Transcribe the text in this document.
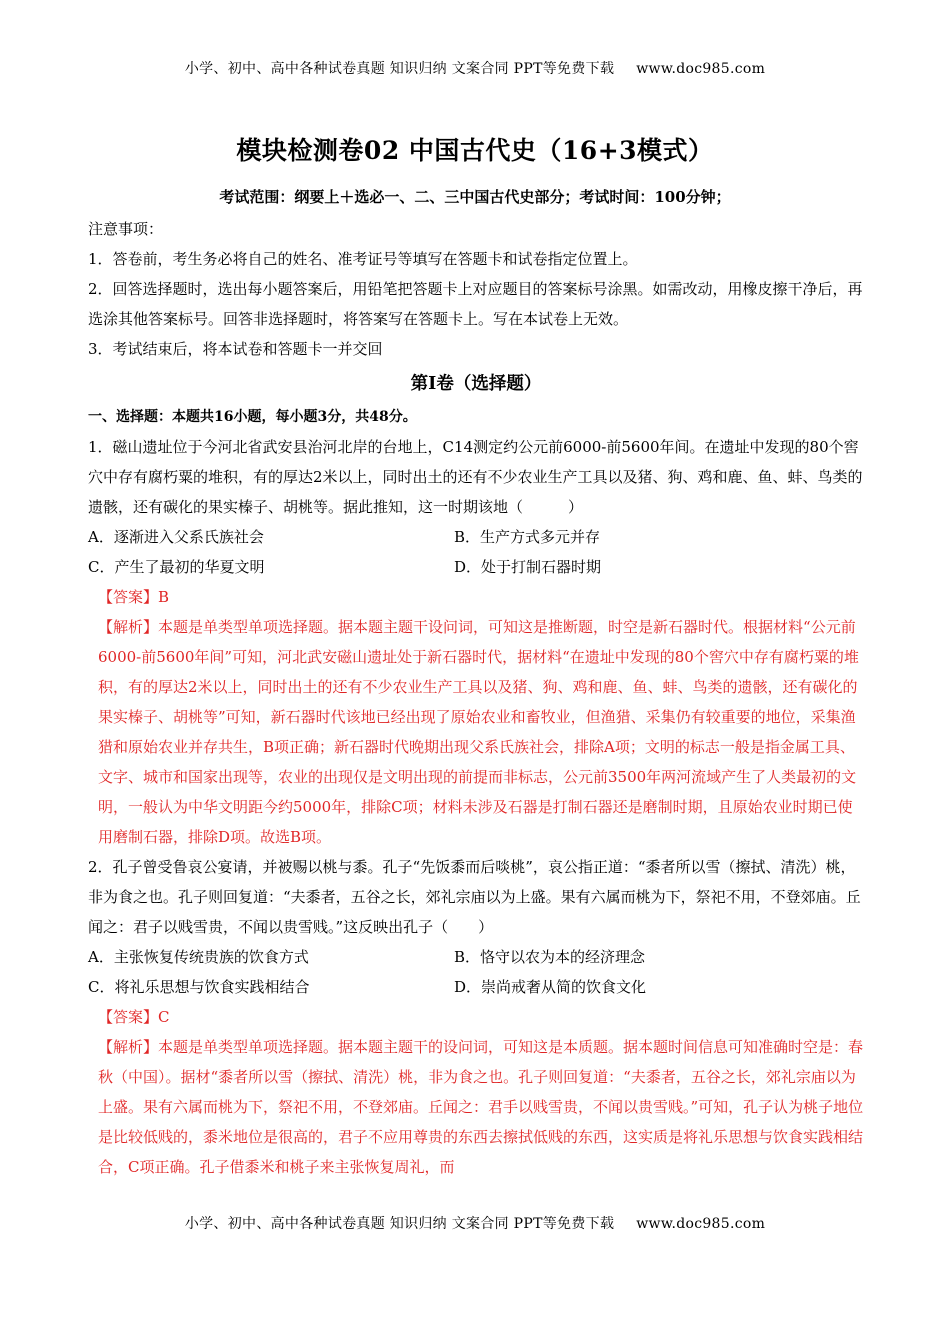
小学、初中、高中各种试卷真题 知识归纳 文案合同 PPT等免费下载 www.doc985.com
模块检测卷02 中国古代史（16+3模式）
考试范围：纲要上＋选必一、二、三中国古代史部分；考试时间：100分钟；

注意事项：

1．答卷前，考生务必将自己的姓名、准考证号等填写在答题卡和试卷指定位置上。

2．回答选择题时，选出每小题答案后，用铅笔把答题卡上对应题目的答案标号涂黑。如需改动，用橡皮擦干净后，再选涂其他答案标号。回答非选择题时，将答案写在答题卡上。写在本试卷上无效。

3．考试结束后，将本试卷和答题卡一并交回

第I卷（选择题）

一、选择题：本题共16小题，每小题3分，共48分。

1．磁山遗址位于今河北省武安县治河北岸的台地上，C14测定约公元前6000-前5600年间。在遗址中发现的80个窖穴中存有腐朽粟的堆积，有的厚达2米以上，同时出土的还有不少农业生产工具以及猪、狗、鸡和鹿、鱼、蚌、鸟类的遗骸，还有碳化的果实榛子、胡桃等。据此推知，这一时期该地（　　　）

A．逐渐进入父系氏族社会	B．生产方式多元并存
C．产生了最初的华夏文明	D．处于打制石器时期

【答案】B

【解析】本题是单类型单项选择题。据本题主题干设问词，可知这是推断题，时空是新石器时代。根据材料“公元前6000-前5600年间”可知，河北武安磁山遗址处于新石器时代，据材料“在遗址中发现的80个窖穴中存有腐朽粟的堆积，有的厚达2米以上，同时出土的还有不少农业生产工具以及猪、狗、鸡和鹿、鱼、蚌、鸟类的遗骸，还有碳化的果实榛子、胡桃等”可知，新石器时代该地已经出现了原始农业和畜牧业，但渔猎、采集仍有较重要的地位，采集渔猎和原始农业并存共生，B项正确；新石器时代晚期出现父系氏族社会，排除A项；文明的标志一般是指金属工具、文字、城市和国家出现等，农业的出现仅是文明出现的前提而非标志，公元前3500年两河流域产生了人类最初的文明，一般认为中华文明距今约5000年，排除C项；材料未涉及石器是打制石器还是磨制时期，且原始农业时期已使用磨制石器，排除D项。故选B项。

2．孔子曾受鲁哀公宴请，并被赐以桃与黍。孔子“先饭黍而后啖桃”，哀公指正道：“黍者所以雪（擦拭、清洗）桃，非为食之也。孔子则回复道：“夫黍者，五谷之长，郊礼宗庙以为上盛。果有六属而桃为下，祭祀不用，不登郊庙。丘闻之：君子以贱雪贵，不闻以贵雪贱。”这反映出孔子（　　）

A．主张恢复传统贵族的饮食方式	B．恪守以农为本的经济理念
C．将礼乐思想与饮食实践相结合	D．崇尚戒奢从简的饮食文化

【答案】C

【解析】本题是单类型单项选择题。据本题主题干的设问词，可知这是本质题。据本题时间信息可知准确时空是：春秋（中国）。据材“黍者所以雪（擦拭、清洗）桃，非为食之也。孔子则回复道：“夫黍者，五谷之长，郊礼宗庙以为上盛。果有六属而桃为下，祭祀不用，不登郊庙。丘闻之：君手以贱雪贵，不闻以贵雪贱。”可知，孔子认为桃子地位是比较低贱的，黍米地位是很高的，君子不应用尊贵的东西去擦拭低贱的东西，这实质是将礼乐思想与饮食实践相结合，C项正确。孔子借黍米和桃子来主张恢复周礼，而

小学、初中、高中各种试卷真题 知识归纳 文案合同 PPT等免费下载 www.doc985.com
